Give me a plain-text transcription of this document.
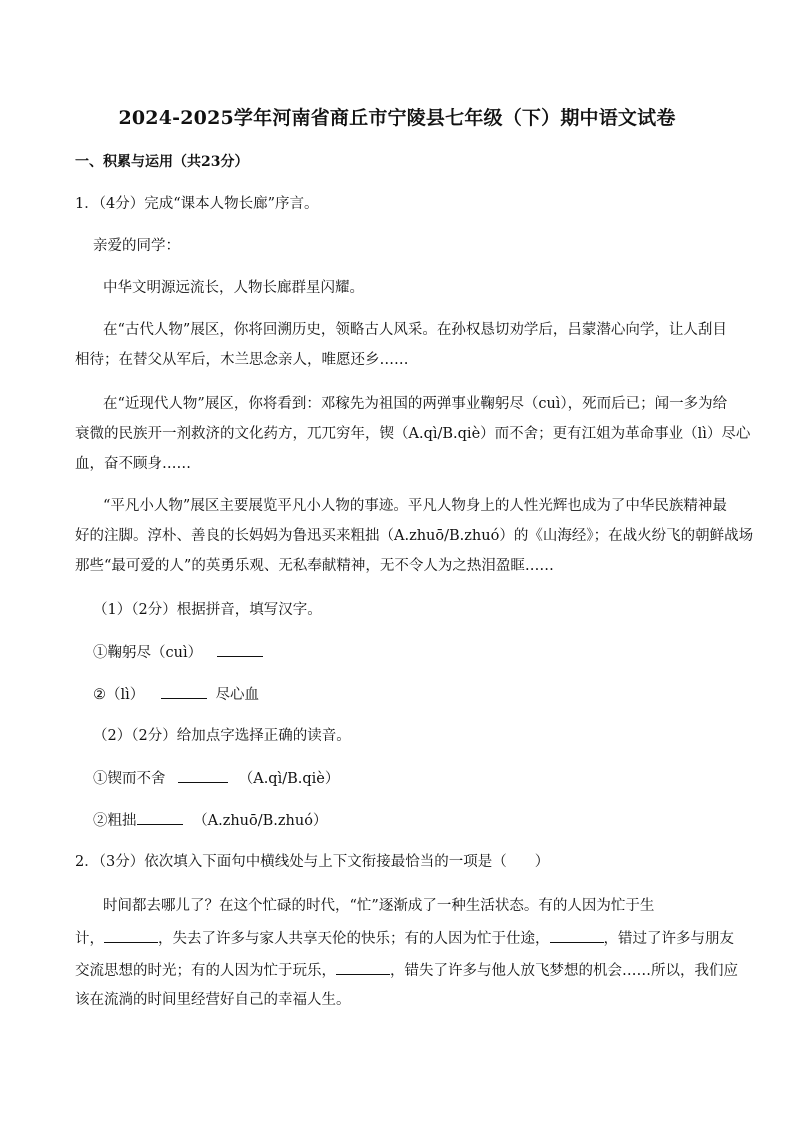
2024-2025学年河南省商丘市宁陵县七年级（下）期中语文试卷
一、积累与运用（共23分）
1．（4分）完成“课本人物长廊”序言。
亲爱的同学：
中华文明源远流长，人物长廊群星闪耀。
在“古代人物”展区，你将回溯历史，领略古人风采。在孙权恳切劝学后，吕蒙潜心向学，让人刮目
相待；在替父从军后，木兰思念亲人，唯愿还乡……
在“近现代人物”展区，你将看到：邓稼先为祖国的两弹事业鞠躬尽（cuì），死而后已；闻一多为给
衰微的民族开一剂救济的文化药方，兀兀穷年，锲（A.qì/B.qiè）而不舍；更有江姐为革命事业（lì）尽心
血，奋不顾身……
“平凡小人物”展区主要展览平凡小人物的事迹。平凡人物身上的人性光辉也成为了中华民族精神最
好的注脚。淳朴、善良的长妈妈为鲁迅买来粗拙（A.zhuō/B.zhuó）的《山海经》；在战火纷飞的朝鲜战场
那些“最可爱的人”的英勇乐观、无私奉献精神，无不令人为之热泪盈眶……
（1）（2分）根据拼音，填写汉字。
①鞠躬尽（cuì）
②（lì）	尽心血
（2）（2分）给加点字选择正确的读音。
①锲而不舍	（A.qì/B.qiè）
②粗拙	（A.zhuō/B.zhuó）
2．（3分）依次填入下面句中横线处与上下文衔接最恰当的一项是（ ）
时间都去哪儿了？在这个忙碌的时代，“忙”逐渐成了一种生活状态。有的人因为忙于生
计，	，失去了许多与家人共享天伦的快乐；有的人因为忙于仕途，	，错过了许多与朋友
交流思想的时光；有的人因为忙于玩乐，	，错失了许多与他人放飞梦想的机会……所以，我们应
该在流淌的时间里经营好自己的幸福人生。
